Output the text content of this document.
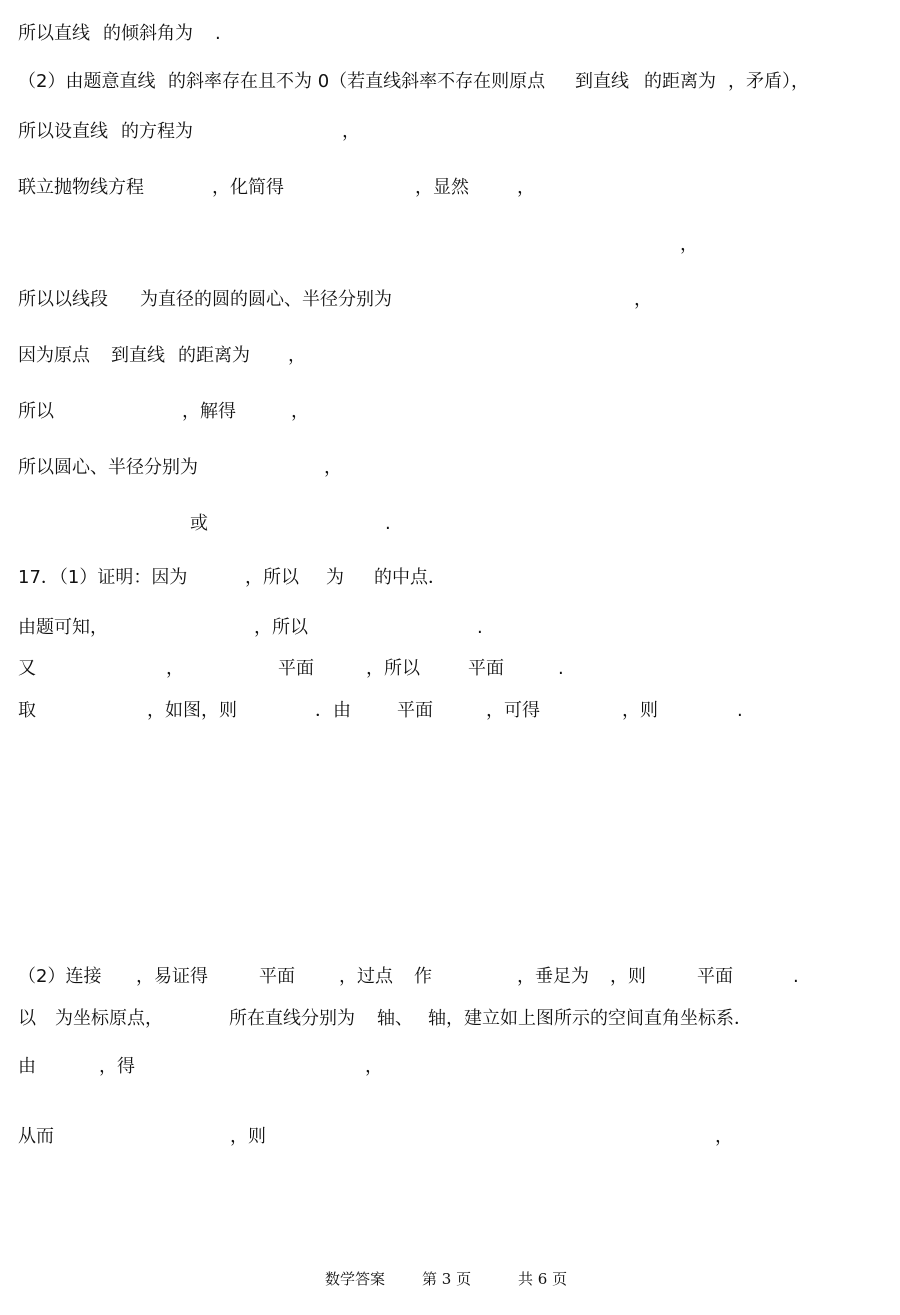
所以直线 的倾斜角为 .
（2）由题意直线 的斜率存在且不为 0（若直线斜率不存在则原点 到直线 的距离为 ，矛盾），
所以设直线 的方程为	，
联立抛物线方程	，化简得	，显然	，
，
所以以线段 为直径的圆的圆心、半径分别为	，
因为原点 到直线 的距离为 ，
所以	，解得	，
所以圆心、半径分别为	，
或	.
17．（1）证明：因为	，所以 为 的中点．
由题可知，	，所以	.
又	，	平面	，所以	平面	.
取	，如图，则	．由	平面	，可得	，则	.
（2）连接 ，易证得	平面 ，过点 作	，垂足为 ，则	平面	.
以 为坐标原点，	所在直线分别为 轴、 轴，建立如上图所示的空间直角坐标系．
由	，得	，
从而	，则	，
数学答案 第 3 页	共 6 页
